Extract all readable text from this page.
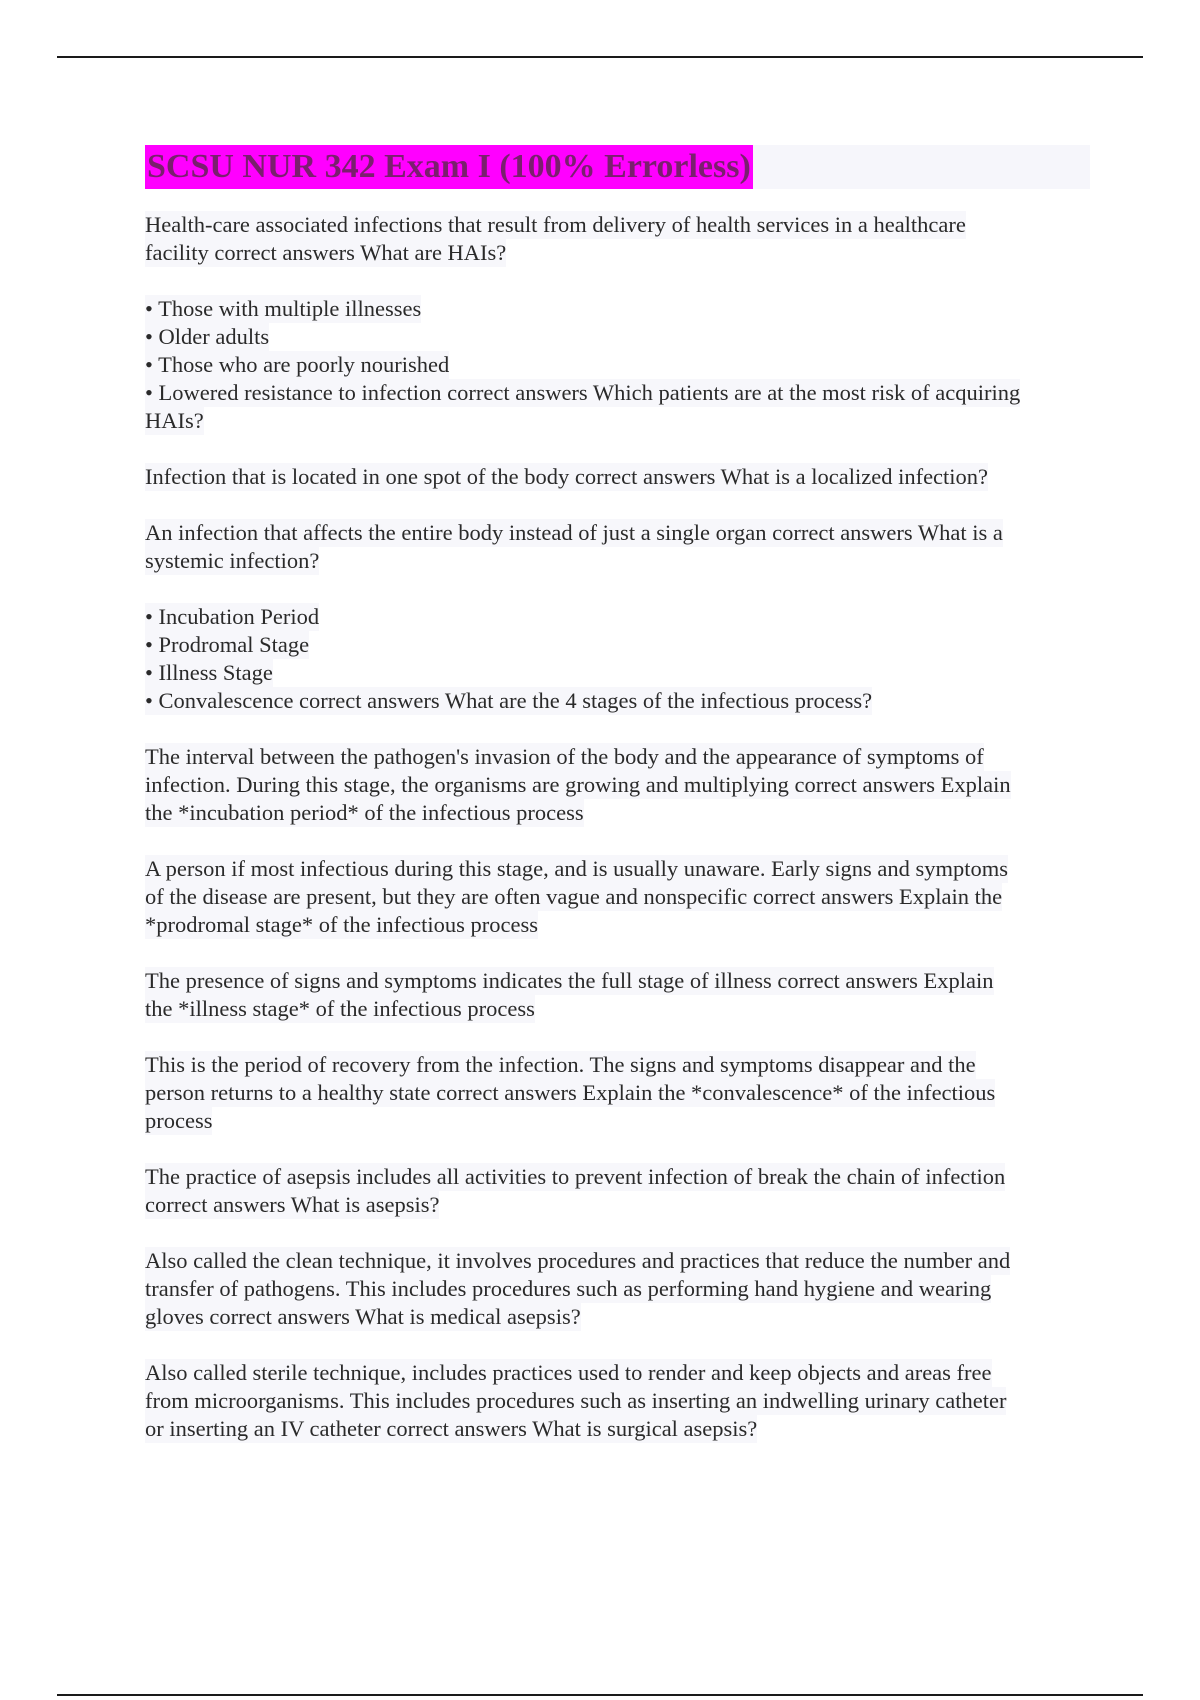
SCSU NUR 342 Exam I (100% Errorless)
Health-care associated infections that result from delivery of health services in a healthcare
facility correct answers What are HAIs?
• Those with multiple illnesses
• Older adults
• Those who are poorly nourished
• Lowered resistance to infection correct answers Which patients are at the most risk of acquiring
HAIs?
Infection that is located in one spot of the body correct answers What is a localized infection?
An infection that affects the entire body instead of just a single organ correct answers What is a
systemic infection?
• Incubation Period
• Prodromal Stage
• Illness Stage
• Convalescence correct answers What are the 4 stages of the infectious process?
The interval between the pathogen's invasion of the body and the appearance of symptoms of
infection. During this stage, the organisms are growing and multiplying correct answers Explain
the *incubation period* of the infectious process
A person if most infectious during this stage, and is usually unaware. Early signs and symptoms
of the disease are present, but they are often vague and nonspecific correct answers Explain the
*prodromal stage* of the infectious process
The presence of signs and symptoms indicates the full stage of illness correct answers Explain
the *illness stage* of the infectious process
This is the period of recovery from the infection. The signs and symptoms disappear and the
person returns to a healthy state correct answers Explain the *convalescence* of the infectious
process
The practice of asepsis includes all activities to prevent infection of break the chain of infection
correct answers What is asepsis?
Also called the clean technique, it involves procedures and practices that reduce the number and
transfer of pathogens. This includes procedures such as performing hand hygiene and wearing
gloves correct answers What is medical asepsis?
Also called sterile technique, includes practices used to render and keep objects and areas free
from microorganisms. This includes procedures such as inserting an indwelling urinary catheter
or inserting an IV catheter correct answers What is surgical asepsis?
